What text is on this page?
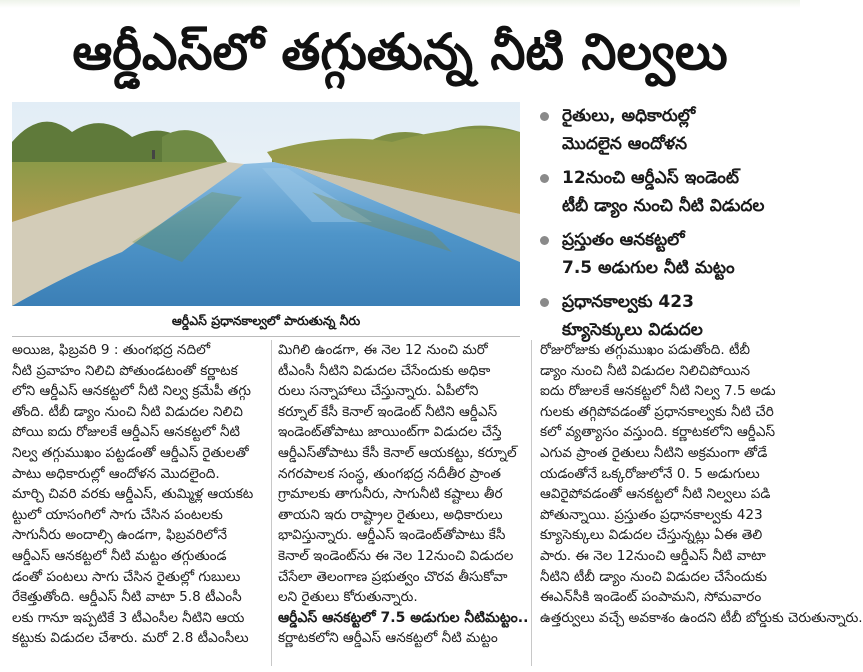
ఆర్డీఎస్‌లో తగ్గుతున్న నీటి నిల్వలు
ఆర్డీఎస్‌ ప్రధానకాల్వలో పారుతున్న నీరు
రైతులు, అధికారుల్లో
మొదలైన ఆందోళన
12నుంచి ఆర్డీఎస్‌ ఇండెంట్‌
టీబీ డ్యాం నుంచి నీటి విడుదల
ప్రస్తుతం ఆనకట్టలో
7.5 అడుగుల నీటి మట్టం
ప్రధానకాల్వకు 423
క్యూసెక్కులు విడుదల
అయిజ, ఫిబ్రవరి 9 : తుంగభద్ర నదిలో
నీటి ప్రవాహం నిలిచి పోతుండటంతో కర్ణాటక
లోని ఆర్డీఎస్‌ ఆనకట్టలో నీటి నిల్వ క్రమేపీ తగ్గు
తోంది. టీబీ డ్యాం నుంచి నీటి విడుదల నిలిచి
పోయి ఐదు రోజులకే ఆర్డీఎస్‌ ఆనకట్టలో నీటి
నిల్వ తగ్గుముఖం పట్టడంతో ఆర్డీఎస్‌ రైతులతో
పాటు అధికారుల్లో ఆందోళన మొదలైంది.
మార్చి చివరి వరకు ఆర్డీఎస్‌, తుమ్మిళ్ల ఆయకట
ట్టులో యాసంగిలో సాగు చేసిన పంటలకు
సాగునీరు అందాల్సి ఉండగా, ఫిబ్రవరిలోనే
ఆర్డీఎస్‌ ఆనకట్టలో నీటి మట్టం తగ్గుతుండ
డంతో పంటలు సాగు చేసిన రైతుల్లో గుబులు
రేకెత్తుతోంది. ఆర్డీఎస్‌ నీటి వాటా 5.8 టీఎంసీ
లకు గానూ ఇప్పటికే 3 టీఎంసీల నీటిని ఆయ
కట్టుకు విడుదల చేశారు. మరో 2.8 టీఎంసీలు
మిగిలి ఉండగా, ఈ నెల 12 నుంచి మరో
టీఎంసీ నీటిని విడుదల చేసేందుకు అధికా
రులు సన్నాహాలు చేస్తున్నారు. ఏపీలోని
కర్నూల్‌ కేసీ కెనాల్‌ ఇండెంట్‌ నీటిని ఆర్డీఎస్‌
ఇండెంట్‌తోపాటు జాయింట్‌గా విడుదల చేస్తే
ఆర్డీఎస్‌తోపాటు కేసీ కెనాల్‌ ఆయకట్టు, కర్నూల్‌
నగరపాలక సంస్థ, తుంగభద్ర నదీతీర ప్రాంత
గ్రామాలకు తాగునీరు, సాగునీటి కష్టాలు తీర
తాయని ఇరు రాష్ట్రాల రైతులు, అధికారులు
భావిస్తున్నారు. ఆర్డీఎస్‌ ఇండెంట్‌తోపాటు కేసీ
కెనాల్‌ ఇండెంట్‌ను ఈ నెల 12నుంచి విడుదల
చేసేలా తెలంగాణ ప్రభుత్వం చొరవ తీసుకోవా
లని రైతులు కోరుతున్నారు.
ఆర్డీఎస్‌ ఆనకట్టలో 7.5 అడుగుల నీటిమట్టం..
కర్ణాటకలోని ఆర్డీఎస్‌ ఆనకట్టలో నీటి మట్టం
రోజురోజుకు తగ్గుముఖం పడుతోంది. టీబీ
డ్యాం నుంచి నీటి విడుదల నిలిచిపోయిన
ఐదు రోజులకే ఆనకట్టలో నీటి నిల్వ 7.5 అడు
గులకు తగ్గిపోవడంతో ప్రధానకాల్వకు నీటి చేరి
కలో వ్యత్యాసం వస్తుంది. కర్ణాటకలోని ఆర్డీఎస్‌
ఎగువ ప్రాంత రైతులు నీటిని అక్రమంగా తోడే
యడంతోనే ఒక్కరోజులోనే 0. 5 అడుగులు
ఆవిరైపోవడంతో ఆనకట్టలో నీటి నిల్వలు పడి
పోతున్నాయి. ప్రస్తుతం ప్రధానకాల్వకు 423
క్యూసెక్కులు విడుదల చేస్తున్నట్లు ఏఈ తెలి
పారు. ఈ నెల 12నుంచి ఆర్డీఎస్‌ నీటి వాటా
నీటిని టీబీ డ్యాం నుంచి విడుదల చేసేందుకు
ఈఎన్‌సీకి ఇండెంట్‌ పంపామని, సోమవారం
ఉత్తర్వులు వచ్చే అవకాశం ఉందని టీబీ బోర్డుకు చెరుతున్నారు.
